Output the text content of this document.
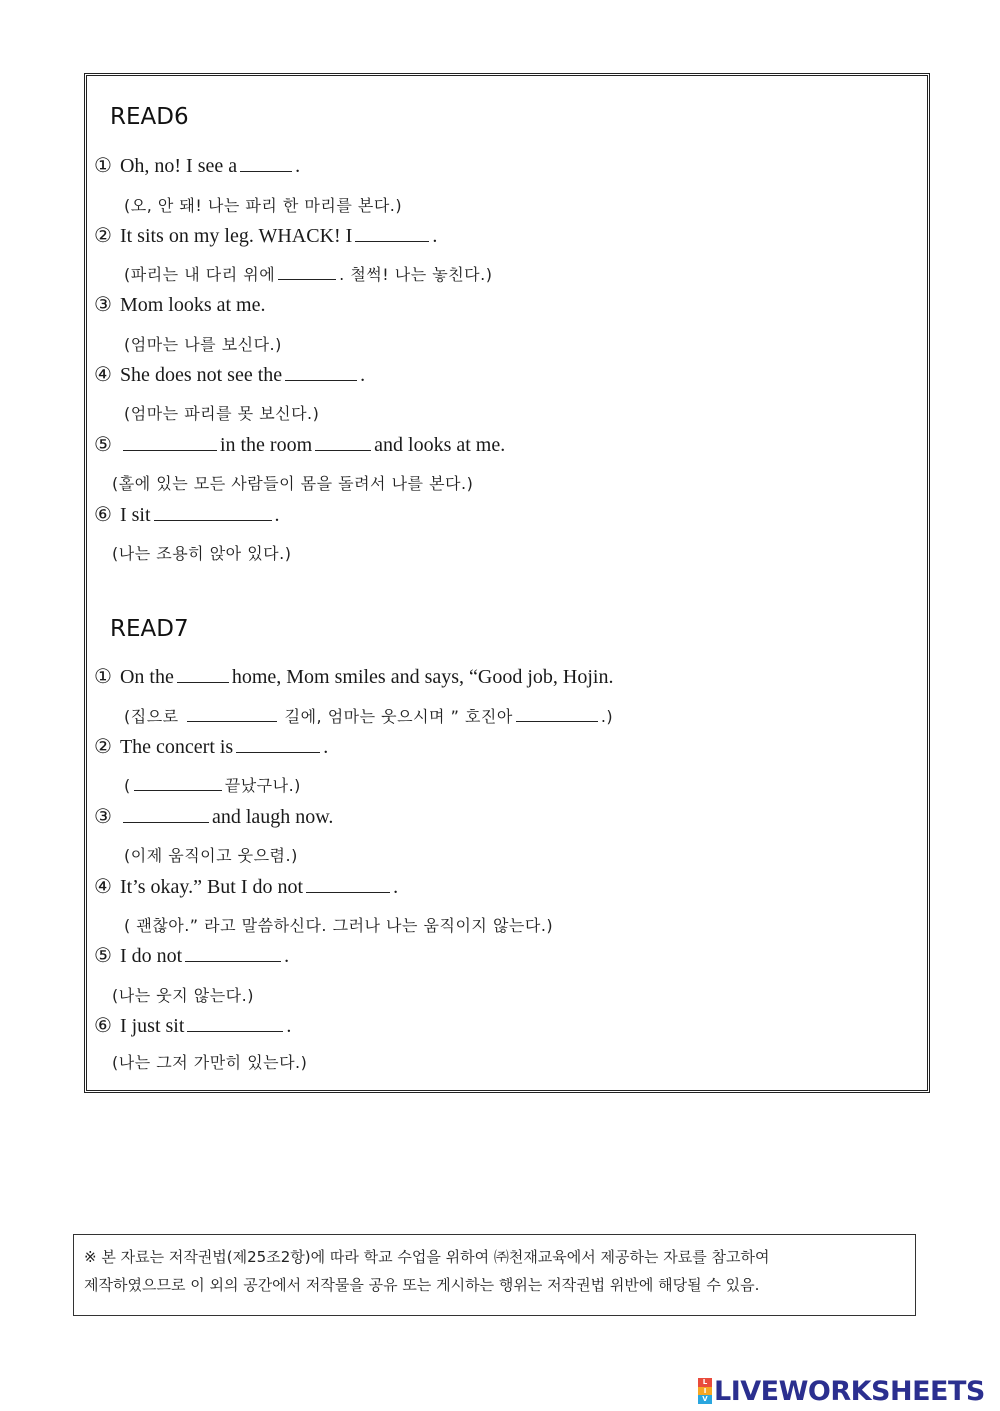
READ6
① Oh, no! I see a	.
(오, 안 돼! 나는 파리 한 마리를 본다.)
② It sits on my leg. WHACK! I	.
(파리는 내 다리 위에	. 철썩! 나는 놓친다.)
③ Mom looks at me.
(엄마는 나를 보신다.)
④ She does not see the	.
(엄마는 파리를 못 보신다.)
⑤	in the room	and looks at me.
(홀에 있는 모든 사람들이 몸을 돌려서 나를 본다.)
⑥ I sit	.
(나는 조용히 앉아 있다.)
READ7
① On the	home, Mom smiles and says, “Good job, Hojin.
(집으로	길에, 엄마는 웃으시며 ” 호진아	.)
② The concert is	.
(	끝났구나.)
③	and laugh now.
(이제 움직이고 웃으렴.)
④ It’s okay.” But I do not	.
( 괜찮아.” 라고 말씀하신다. 그러나 나는 움직이지 않는다.)
⑤ I do not	.
(나는 웃지 않는다.)
⑥ I just sit	.
(나는 그저 가만히 있는다.)
※ 본 자료는 저작권법(제25조2항)에 따라 학교 수업을 위하여 ㈜천재교육에서 제공하는 자료를 참고하여
제작하였으므로 이 외의 공간에서 저작물을 공유 또는 게시하는 행위는 저작권법 위반에 해당될 수 있음.
L
I
V LIVEWORKSHEETS
